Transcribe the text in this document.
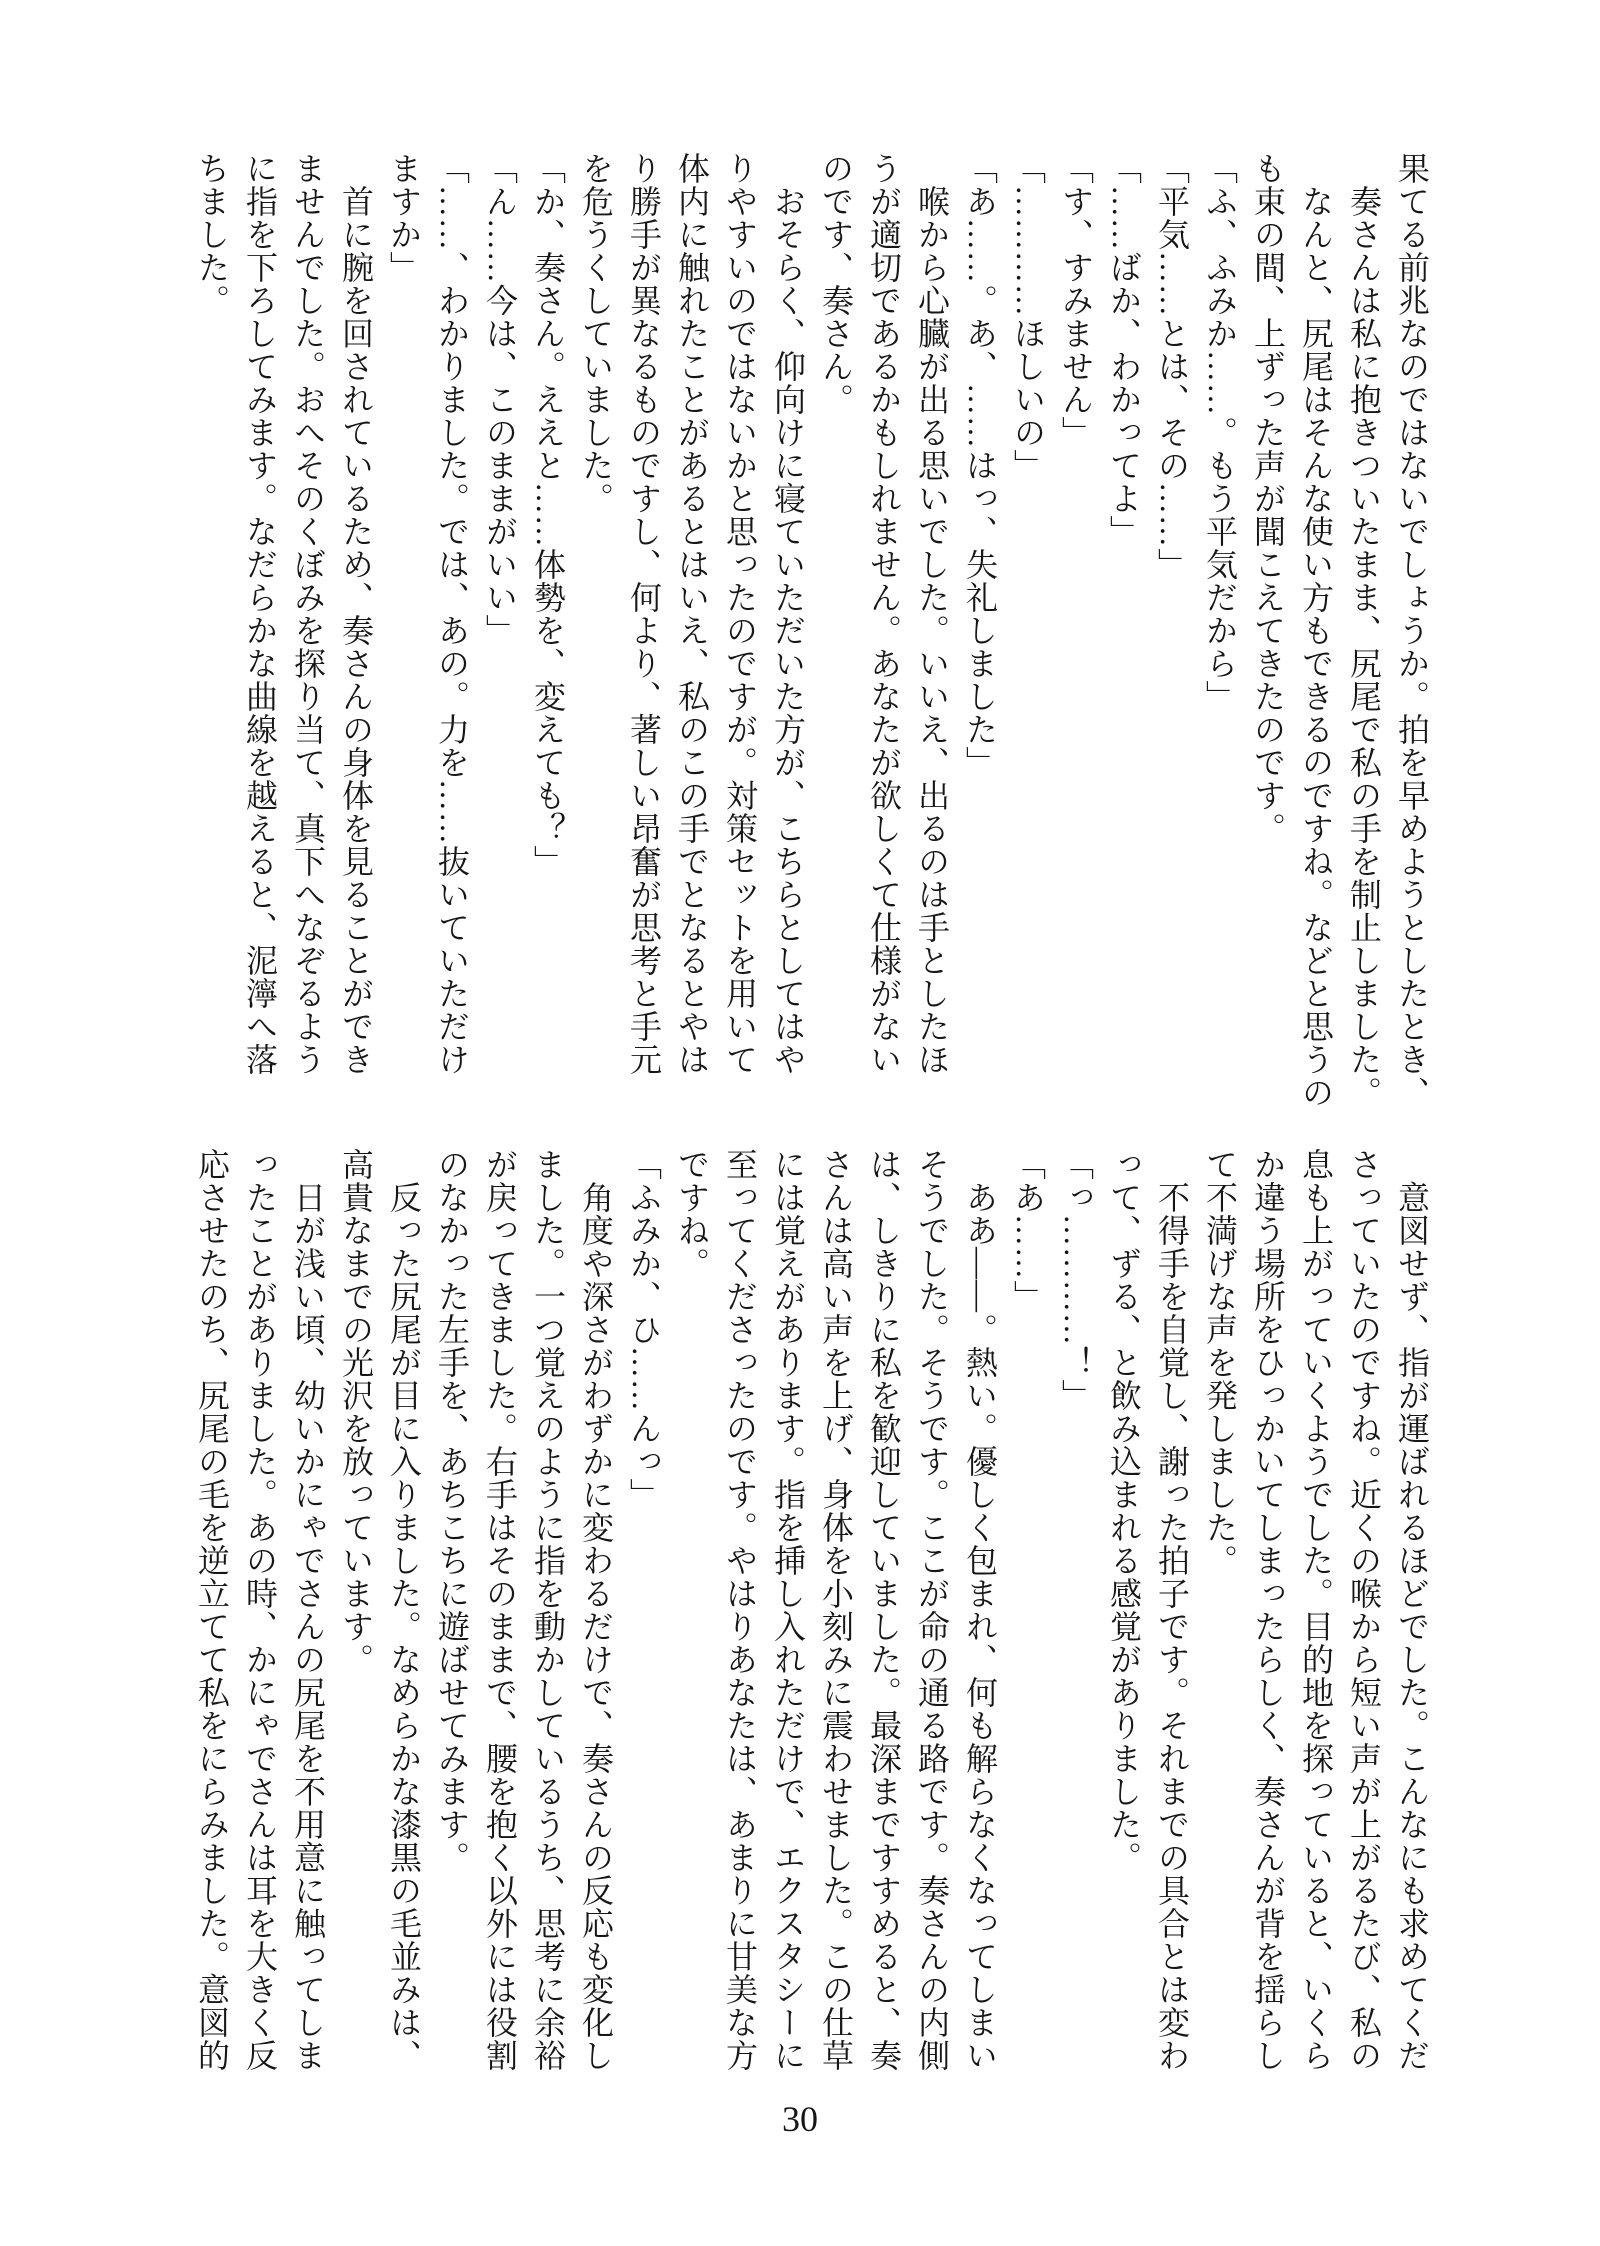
果てる前兆なのではないでしょうか。拍を早めようとしたとき、

　奏さんは私に抱きついたまま、尻尾で私の手を制止しました。

　なんと、尻尾はそんな使い方もできるのですね。などと思うの

も束の間、上ずった声が聞こえてきたのです。

「ふ、ふみか……。もう平気だから」

「平気……とは、その……」

「……ばか、わかってよ」

「す、すみません」

「…………ほしいの」

「あ……。あ、……はっ、失礼しました」

　喉から心臓が出る思いでした。いいえ、出るのは手としたほ

うが適切であるかもしれません。あなたが欲しくて仕様がない

のです、奏さん。

　おそらく、仰向けに寝ていただいた方が、こちらとしてはや

りやすいのではないかと思ったのですが。対策セットを用いて

体内に触れたことがあるとはいえ、私のこの手でとなるとやは

り勝手が異なるものですし、何より、著しい昂奮が思考と手元

を危うくしていました。

「か、奏さん。ええと……体勢を、変えても？」

「ん……今は、このままがいい」

「……、わかりました。では、あの。力を……抜いていただけ

ますか」

　首に腕を回されているため、奏さんの身体を見ることができ

ませんでした。おへそのくぼみを探り当て、真下へなぞるよう

に指を下ろしてみます。なだらかな曲線を越えると、泥濘へ落

ちました。

　意図せず、指が運ばれるほどでした。こんなにも求めてくだ

さっていたのですね。近くの喉から短い声が上がるたび、私の

息も上がっていくようでした。目的地を探っていると、いくら

か違う場所をひっかいてしまったらしく、奏さんが背を揺らし

て不満げな声を発しました。

　不得手を自覚し、謝った拍子です。それまでの具合とは変わ

って、ずる、と飲み込まれる感覚がありました。

「っ…………！」

「あ……」

　ああ——。熱い。優しく包まれ、何も解らなくなってしまい

そうでした。そうです。ここが命の通る路です。奏さんの内側

は、しきりに私を歓迎していました。最深まですすめると、奏

さんは高い声を上げ、身体を小刻みに震わせました。この仕草

には覚えがあります。指を挿し入れただけで、エクスタシーに

至ってくださったのです。やはりあなたは、あまりに甘美な方

ですね。

「ふみか、ひ……んっ」

　角度や深さがわずかに変わるだけで、奏さんの反応も変化し

ました。一つ覚えのように指を動かしているうち、思考に余裕

が戻ってきました。右手はそのままで、腰を抱く以外には役割

のなかった左手を、あちこちに遊ばせてみます。

　反った尻尾が目に入りました。なめらかな漆黒の毛並みは、

高貴なまでの光沢を放っています。

　日が浅い頃、幼いかにゃでさんの尻尾を不用意に触ってしま

ったことがありました。あの時、かにゃでさんは耳を大きく反

応させたのち、尻尾の毛を逆立てて私をにらみました。意図的

30
